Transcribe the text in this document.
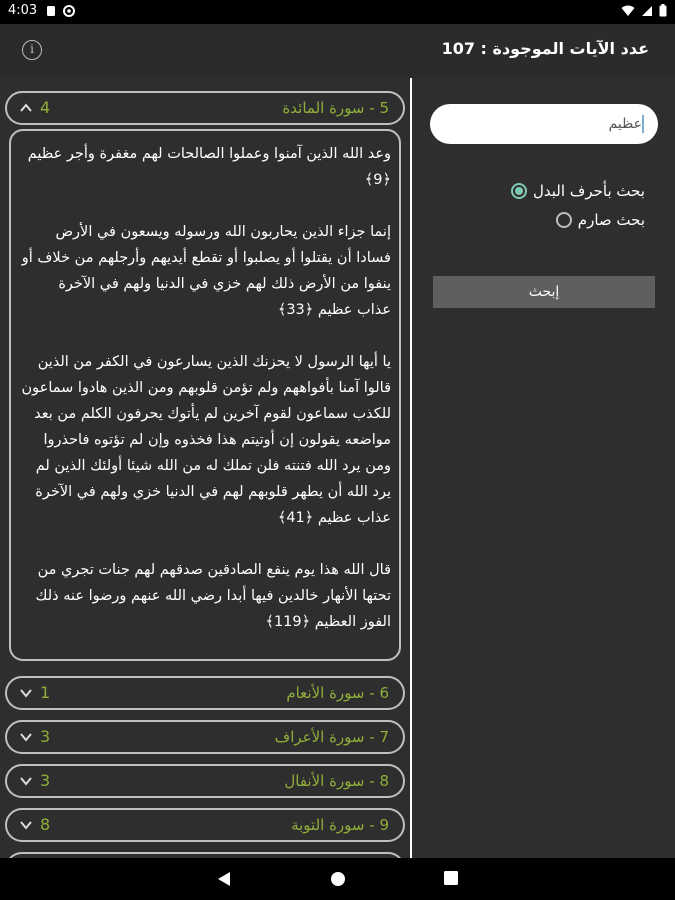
4:03
i	عدد الآيات الموجودة : 107
4	5 - سورة المائدة

وعد الله الذين آمنوا وعملوا الصالحات لهم مغفرة وأجر عظيم ﴿9﴾

إنما جزاء الذين يحاربون الله ورسوله ويسعون في الأرض فسادا أن يقتلوا أو يصلبوا أو تقطع أيديهم وأرجلهم من خلاف أو ينفوا من الأرض ذلك لهم خزي في الدنيا ولهم في الآخرة عذاب عظيم ﴿33﴾

يا أيها الرسول لا يحزنك الذين يسارعون في الكفر من الذين قالوا آمنا بأفواههم ولم تؤمن قلوبهم ومن الذين هادوا سماعون للكذب سماعون لقوم آخرين لم يأتوك يحرفون الكلم من بعد مواضعه يقولون إن أوتيتم هذا فخذوه وإن لم تؤتوه فاحذروا ومن يرد الله فتنته فلن تملك له من الله شيئا أولئك الذين لم يرد الله أن يطهر قلوبهم لهم في الدنيا خزي ولهم في الآخرة عذاب عظيم ﴿41﴾

قال الله هذا يوم ينفع الصادقين صدقهم لهم جنات تجري من تحتها الأنهار خالدين فيها أبدا رضي الله عنهم ورضوا عنه ذلك الفوز العظيم ﴿119﴾

1	6 - سورة الأنعام
3	7 - سورة الأعراف
3	8 - سورة الأنفال
8	9 - سورة التوبة
عظيم
بحث بأحرف البدل
بحث صارم
إبحث
